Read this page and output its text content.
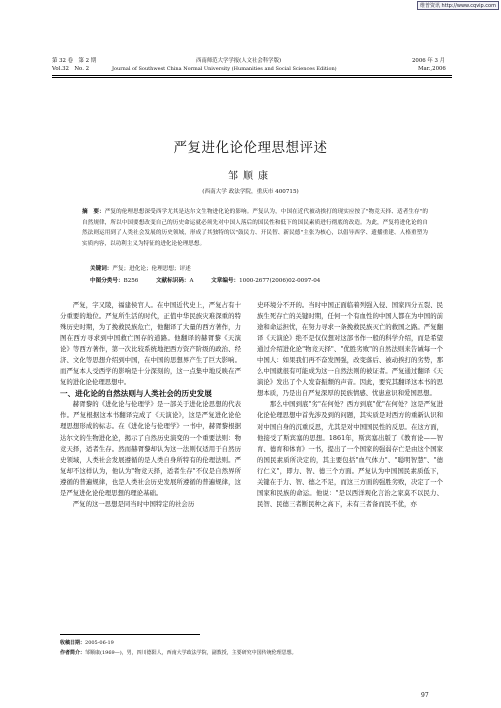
维普资讯 http://www.cqvip.com
第 32 卷　第 2 期
Vol.32　No. 2
西南师范大学学报(人文社会科学版)
Journal of Southwest China Normal University (Humanities and Social Sciences Edition)
2006 年 3 月
Mar.,2006
严复进化论伦理思想评述
邹顺康
(西南大学 政法学院，重庆市 400715)
摘　要：严复的伦理思想深受西学尤其是达尔文生物进化论的影响。严复认为，中国在近代被动挨打的现实应按了"物竞天择、适者生存"的自然规律，所以中国要想改变自己的历史命运就必须先对中国人落后的国民性和低下的国民素质进行彻底的改造。为此，严复将进化论的自然法则运用到了人类社会发展的历史领域，形成了其独特的以"鼓民力、开民智、新民德"主张为核心，以倡导西学、遗播重建、人格重塑为实质内容，以功利主义为特征的进化论伦理思想。
关键词：严复；进化论；伦理思想；评述
中图分类号：B256	文献标识码：A	文章编号：1000-2677(2006)02-0097-04

严复，字又陵，福建侯官人。在中国近代史上，严复占有十分重要的地位。严复所生活的时代，正值中华民族灾难深重的特殊历史时期，为了挽救民族危亡，他翻译了大量的西方著作，力图在西方寻求到中国救亡图存的道路。他翻译的赫胥黎《天演论》等西方著作，第一次比较系统地把西方资产阶级的政治、经济、文化等思想介绍到中国，在中国的思想界产生了巨大影响。而严复本人受西学的影响是十分深刻的，这一点集中地反映在严复的进化论伦理思想中。

一、进化论的自然法则与人类社会的历史发展

赫胥黎的《进化论与伦理学》是一部关于进化论思想的代表作。严复根据这本书翻译完成了《天演论》，这是严复进化论伦理思想形成的标志。在《进化论与伦理学》一书中，赫胥黎根据达尔文的生物进化论，揭示了自然历史演变的一个重要法则：物竞天择，适者生存。然而赫胥黎却认为这一法则仅适用于自然历史领域，人类社会发展遵循的是人类自身所特有的伦理法则。严复却不这样认为，他认为"物竞天择，适者生存"不仅是自然界所遵循的普遍规律，也是人类社会历史发展所遵循的普遍规律，这是严复进化论伦理思想的理论基础。

严复的这一思想是同当时中国特定的社会历

史环境分不开的。当时中国正面临着列强入侵、国家四分五裂、民族生死存亡的关键时期，任何一个有血性的中国人都在为中国的前途和命运担忧，在努力寻求一条挽救民族灭亡的救国之路。严复翻译《天演论》绝不是仅仅想对这部书作一般的科学介绍，而是希望通过介绍进化论"物竞天择"、"优胜劣败"的自然法则来告诫每一个中国人：如果我们再不奋发图强，改变落后、被动挨打的劣势，那么中国就很有可能成为这一自然法则的被证者。严复通过翻译《天演论》发出了个人发奋振颓的声音。因此，要究其翻译这本书的思想本质，乃是出自严复深厚的民族情感、忧患意识和爱国思想。

那么中国到底"劣"在何处？西方到底"优"在何处？这是严复进化论伦理思想中首先涉及到的问题，其实质是对西方的重新认识和对中国自身的沉重反思，尤其是对中国国民性的反思。在这方面，他接受了斯宾塞的思想。1861年，斯宾塞出版了《教育论——智育、德育和体育》一书，提出了一个国家的强弱存亡是由这个国家的国民素质所决定的，其主要包括"血气体力"、"聪明智慧"、"德行仁义"，即力、智、德三个方面。严复认为中国国民素质低下，关键在于力、智、德之不足，而这三方面的强胜劣败，决定了一个国家和民族的命运。他说："是以西洋观化言治之家莫不以民力、民智、民德三者断民种之高下，未有三者备而民不优，亦

收稿日期：2005-06-19
作者简介：邹顺康(1969—)，男，四川德阳人，西南大学政法学院，副教授，主要研究中国传统伦理思想。
97
